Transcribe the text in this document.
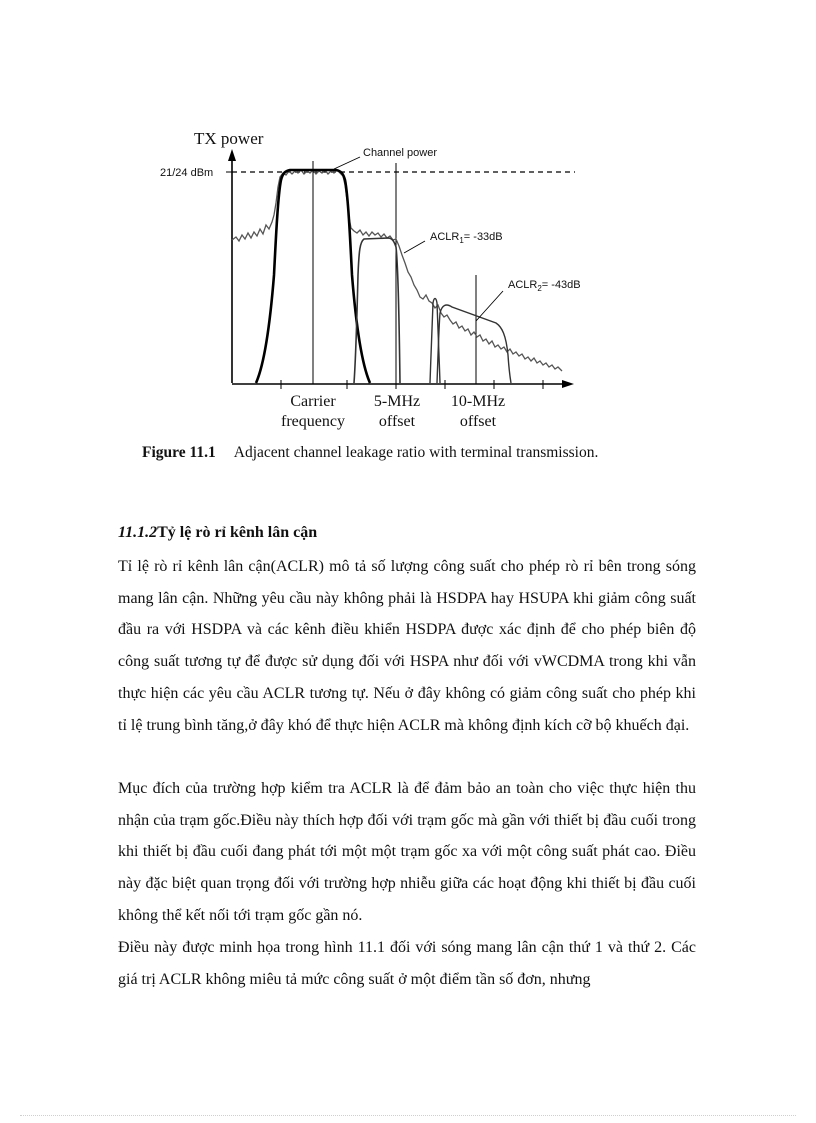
TX power
21/24 dBm
Channel power
$ACLR_1= -33dB$
$ACLR_2= -43dB$
Carrier
frequency
5-MHz
offset
10-MHz
offset
Figure 11.1 Adjacent channel leakage ratio with terminal transmission.
11.1.2Tỷ lệ rò rỉ kênh lân cận
Tỉ lệ rò rỉ kênh lân cận(ACLR) mô tả số lượng công suất cho phép rò rỉ bên trong sóng mang lân cận. Những yêu cầu này không phải là HSDPA hay HSUPA khi giảm công suất đầu ra với HSDPA và các kênh điều khiển HSDPA được xác định để cho phép biên độ công suất tương tự để được sử dụng đối với HSPA như đối với vWCDMA trong khi vẫn thực hiện các yêu cầu ACLR tương tự. Nếu ở đây không có giảm công suất cho phép khi tỉ lệ trung bình tăng,ở đây khó để thực hiện ACLR mà không định kích cỡ bộ khuếch đại.
Mục đích của trường hợp kiểm tra ACLR là để đảm bảo an toàn cho việc thực hiện thu nhận của trạm gốc.Điều này thích hợp đối với trạm gốc mà gần với thiết bị đầu cuối trong khi thiết bị đầu cuối đang phát tới một một trạm gốc xa với một công suất phát cao. Điều này đặc biệt quan trọng đối với trường hợp nhiễu giữa các hoạt động khi thiết bị đầu cuối không thể kết nối tới trạm gốc gần nó.
Điều này được minh họa trong hình 11.1 đối với sóng mang lân cận thứ 1 và thứ 2. Các giá trị ACLR không miêu tả mức công suất ở một điểm tần số đơn, nhưng
